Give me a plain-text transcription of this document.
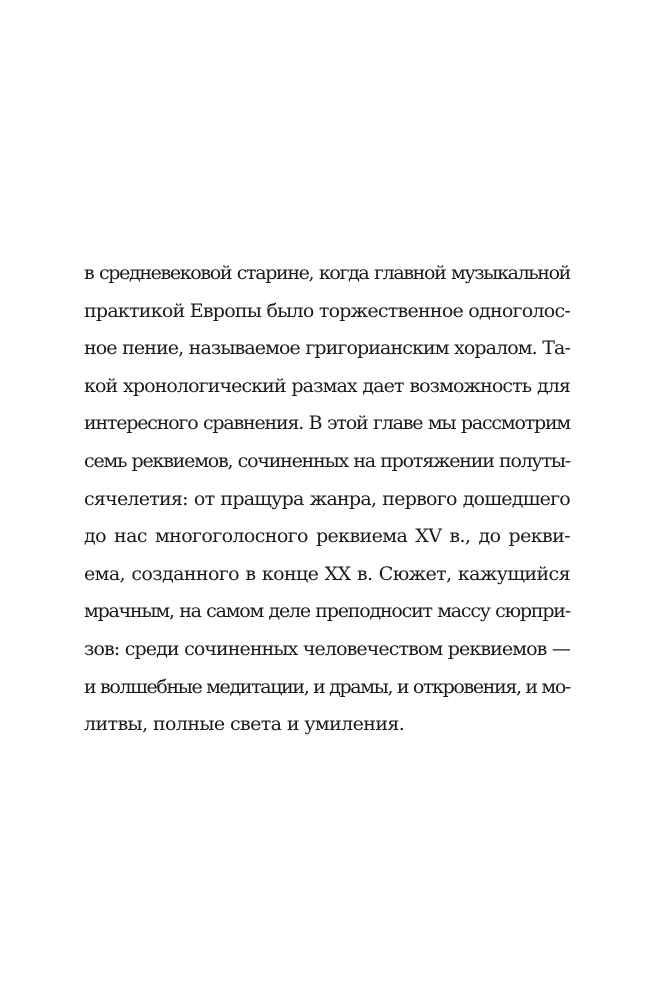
в средневековой старине, когда главной музыкальной
практикой Европы было торжественное одноголос-
ное пение, называемое григорианским хоралом. Та-
кой хронологический размах дает возможность для
интересного сравнения. В этой главе мы рассмотрим
семь реквиемов, сочиненных на протяжении полуты-
сячелетия: от пращура жанра, первого дошедшего
до нас многоголосного реквиема XV в., до рекви-
ема, созданного в конце XX в. Сюжет, кажущийся
мрачным, на самом деле преподносит массу сюрпри-
зов: среди сочиненных человечеством реквиемов —
и волшебные медитации, и драмы, и откровения, и мо-
литвы, полные света и умиления.
